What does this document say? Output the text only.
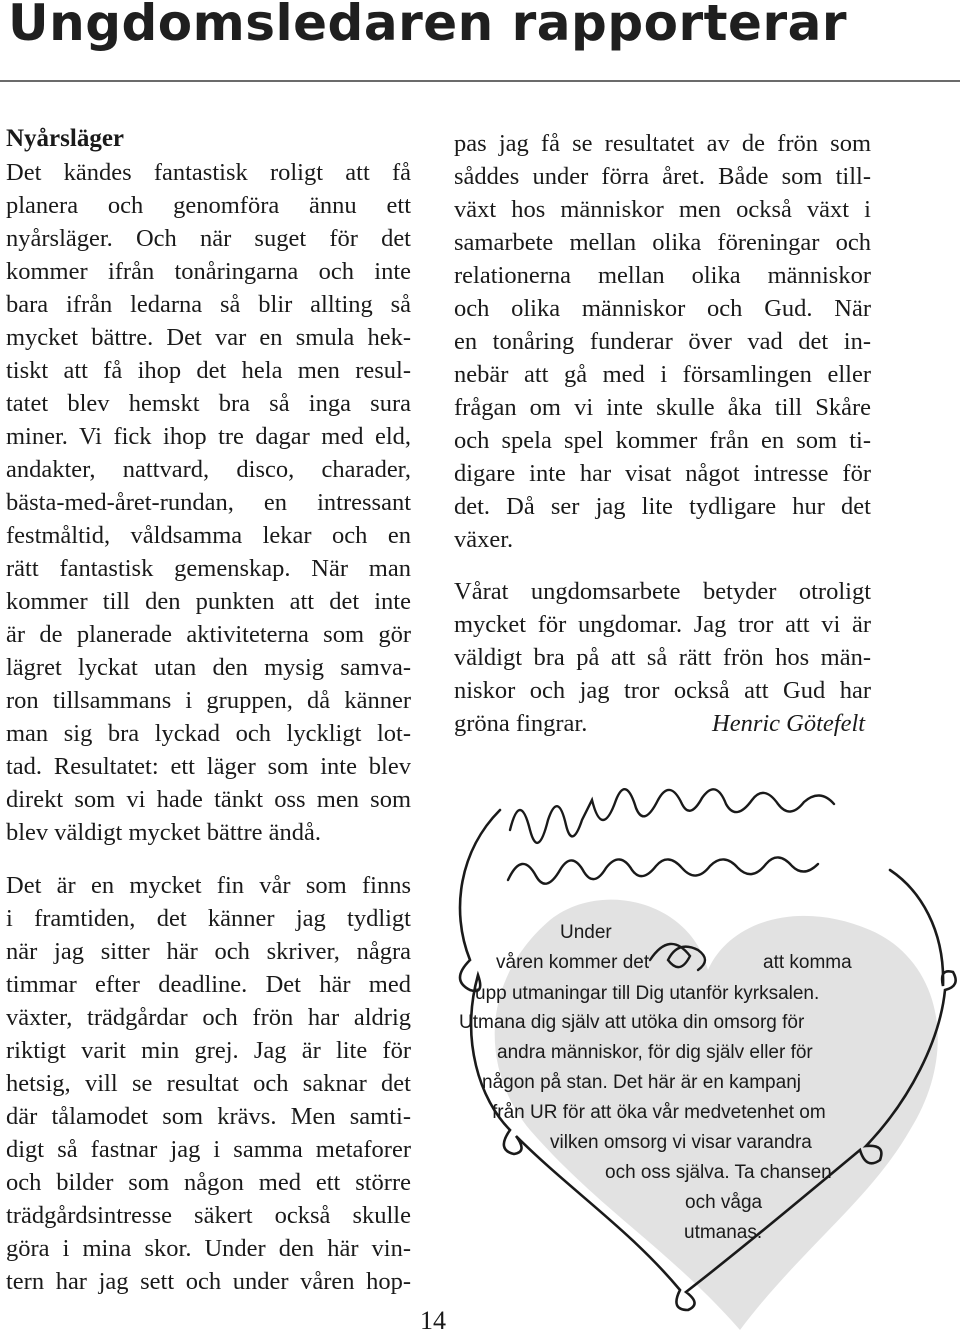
Ungdomsledaren rapporterar
Nyårsläger
Det kändes fantastisk roligt att få
planera och genomföra ännu ett
nyårsläger. Och när suget för det
kommer ifrån tonåringarna och inte
bara ifrån ledarna så blir allting så
mycket bättre. Det var en smula hek-
tiskt att få ihop det hela men resul-
tatet blev hemskt bra så inga sura
miner. Vi fick ihop tre dagar med eld,
andakter, nattvard, disco, charader,
bästa-med-året-rundan, en intressant
festmåltid, våldsamma lekar och en
rätt fantastisk gemenskap. När man
kommer till den punkten att det inte
är de planerade aktiviteterna som gör
lägret lyckat utan den mysig samva-
ron tillsammans i gruppen, då känner
man sig bra lyckad och lyckligt lot-
tad. Resultatet: ett läger som inte blev
direkt som vi hade tänkt oss men som
blev väldigt mycket bättre ändå.
Det är en mycket fin vår som finns
i framtiden, det känner jag tydligt
när jag sitter här och skriver, några
timmar efter deadline. Det här med
växter, trädgårdar och frön har aldrig
riktigt varit min grej. Jag är lite för
hetsig, vill se resultat och saknar det
där tålamodet som krävs. Men samti-
digt så fastnar jag i samma metaforer
och bilder som någon med ett större
trädgårdsintresse säkert också skulle
göra i mina skor. Under den här vin-
tern har jag sett och under våren hop-
pas jag få se resultatet av de frön som
såddes under förra året. Både som till-
växt hos människor men också växt i
samarbete mellan olika föreningar och
relationerna mellan olika människor
och olika människor och Gud. När
en tonåring funderar över vad det in-
nebär att gå med i församlingen eller
frågan om vi inte skulle åka till Skåre
och spela spel kommer från en som ti-
digare inte har visat något intresse för
det. Då ser jag lite tydligare hur det
växer.
Vårat ungdomsarbete betyder otroligt
mycket för ungdomar. Jag tror att vi är
väldigt bra på att så rätt frön hos män-
niskor och jag tror också att Gud har
gröna fingrar.	Henric Götefelt
Under
våren kommer det	att komma
upp utmaningar till Dig utanför kyrksalen.
Utmana dig själv att utöka din omsorg för
andra människor, för dig själv eller för
någon på stan. Det här är en kampanj
från UR för att öka vår medvetenhet om
vilken omsorg vi visar varandra
och oss själva. Ta chansen
och våga
utmanas.
14
